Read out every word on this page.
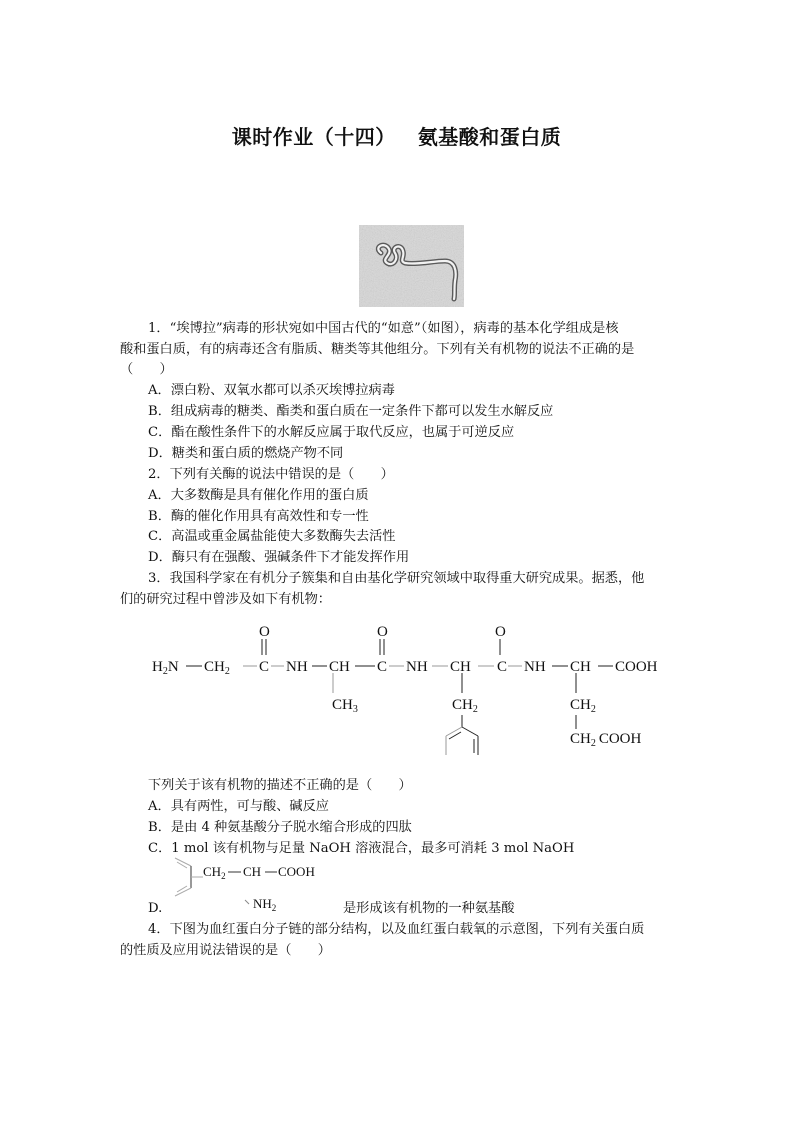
课时作业（十四） 氨基酸和蛋白质
1．“埃博拉”病毒的形状宛如中国古代的“如意”（如图），病毒的基本化学组成是核
酸和蛋白质，有的病毒还含有脂质、糖类等其他组分。下列有关有机物的说法不正确的是
（　　）
A．漂白粉、双氧水都可以杀灭埃博拉病毒
B．组成病毒的糖类、酯类和蛋白质在一定条件下都可以发生水解反应
C．酯在酸性条件下的水解反应属于取代反应，也属于可逆反应
D．糖类和蛋白质的燃烧产物不同
2．下列有关酶的说法中错误的是（　　）
A．大多数酶是具有催化作用的蛋白质
B．酶的催化作用具有高效性和专一性
C．高温或重金属盐能使大多数酶失去活性
D．酶只有在强酸、强碱条件下才能发挥作用
3．我国科学家在有机分子簇集和自由基化学研究领域中取得重大研究成果。据悉，他
们的研究过程中曾涉及如下有机物：
O	O	O
$H_2N$ $CH_2$ C NH CH C NH CH C NH CH COOH
$CH_3$	$CH_2$	$CH_2$
$CH_2$ COOH
下列关于该有机物的描述不正确的是（　　）
A．具有两性，可与酸、碱反应
B．是由 4 种氨基酸分子脱水缩合形成的四肽
C．1 mol 该有机物与足量 NaOH 溶液混合，最多可消耗 3 mol NaOH
$CH_2$ CH COOH
$NH_2$
D.	是形成该有机物的一种氨基酸
4．下图为血红蛋白分子链的部分结构，以及血红蛋白载氧的示意图，下列有关蛋白质
的性质及应用说法错误的是（　　）
